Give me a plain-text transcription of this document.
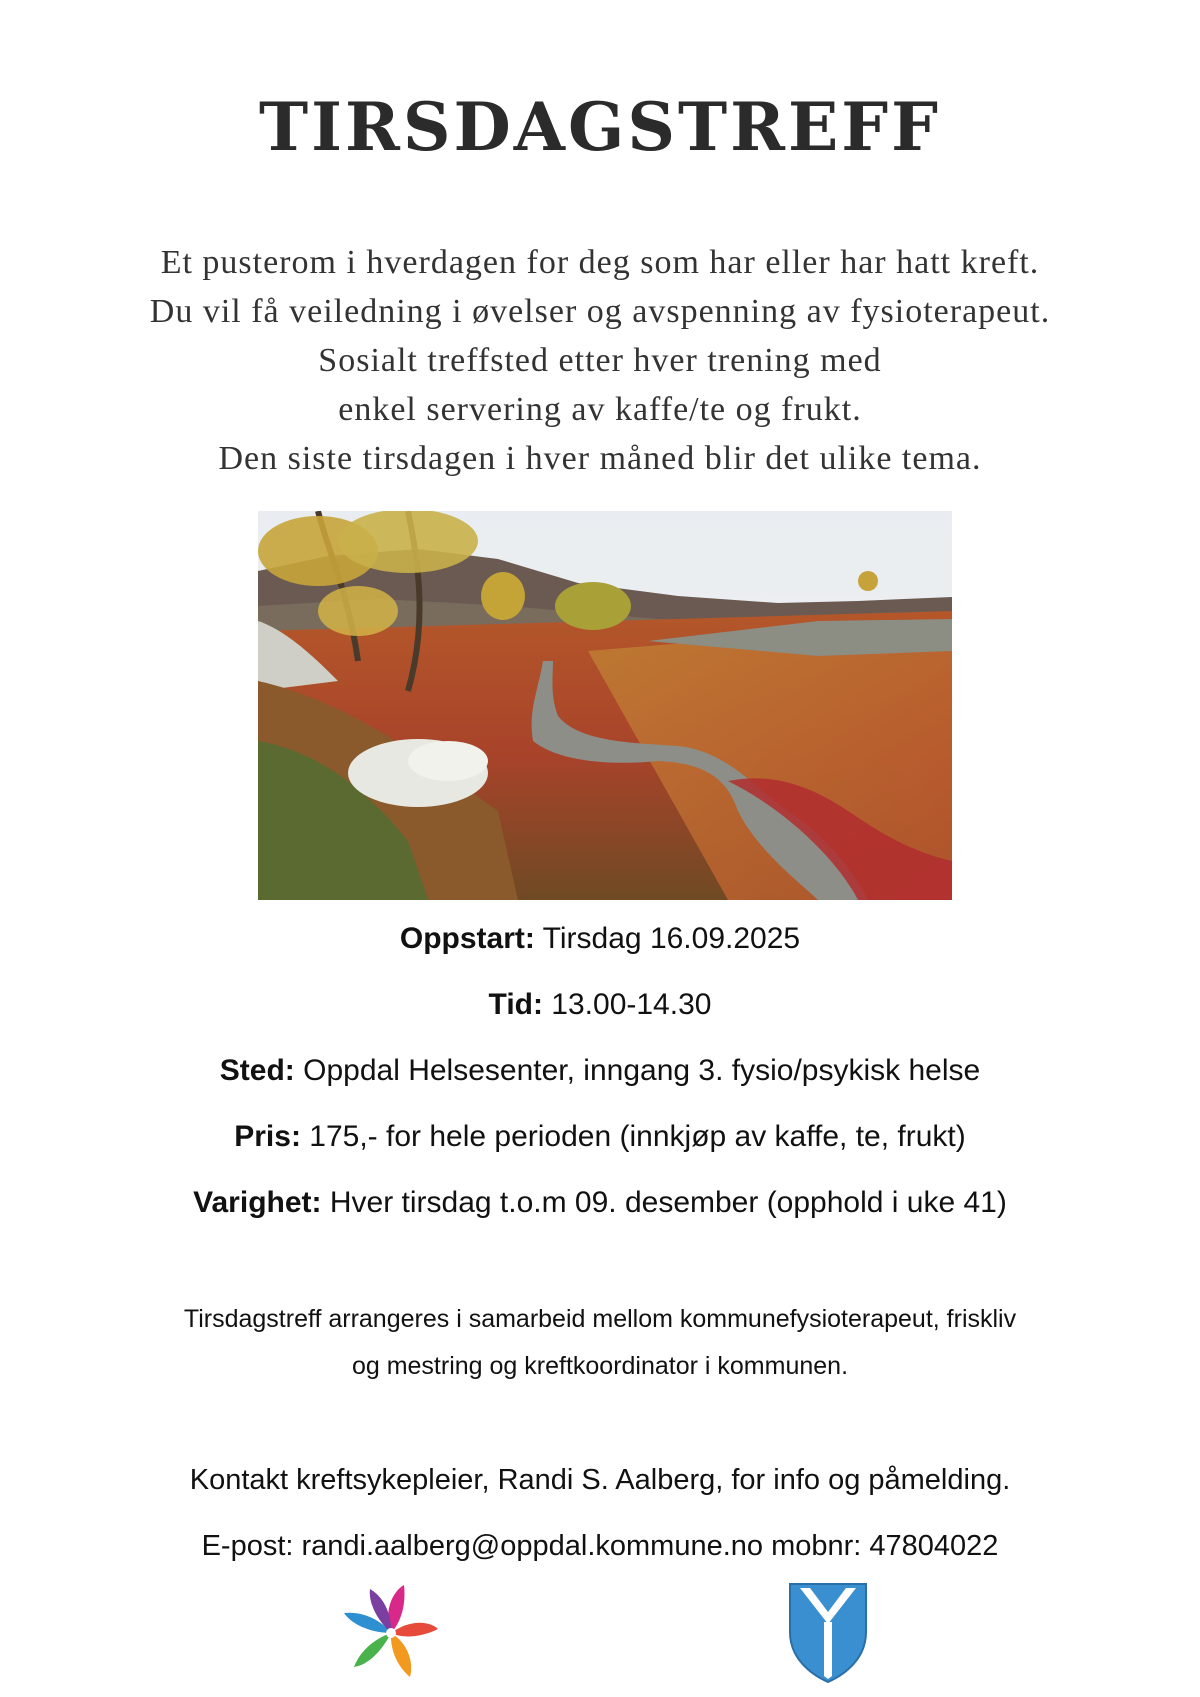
TIRSDAGSTREFF
Et pusterom i hverdagen for deg som har eller har hatt kreft.
Du vil få veiledning i øvelser og avspenning av fysioterapeut.
Sosialt treffsted etter hver trening med
enkel servering av kaffe/te og frukt.
Den siste tirsdagen i hver måned blir det ulike tema.
Oppstart: Tirsdag 16.09.2025
Tid: 13.00-14.30
Sted: Oppdal Helsesenter, inngang 3. fysio/psykisk helse
Pris: 175,- for hele perioden (innkjøp av kaffe, te, frukt)
Varighet: Hver tirsdag t.o.m 09. desember (opphold i uke 41)
Tirsdagstreff arrangeres i samarbeid mellom kommunefysioterapeut, friskliv
og mestring og kreftkoordinator i kommunen.
Kontakt kreftsykepleier, Randi S. Aalberg, for info og påmelding.
E-post: randi.aalberg@oppdal.kommune.no mobnr: 47804022
